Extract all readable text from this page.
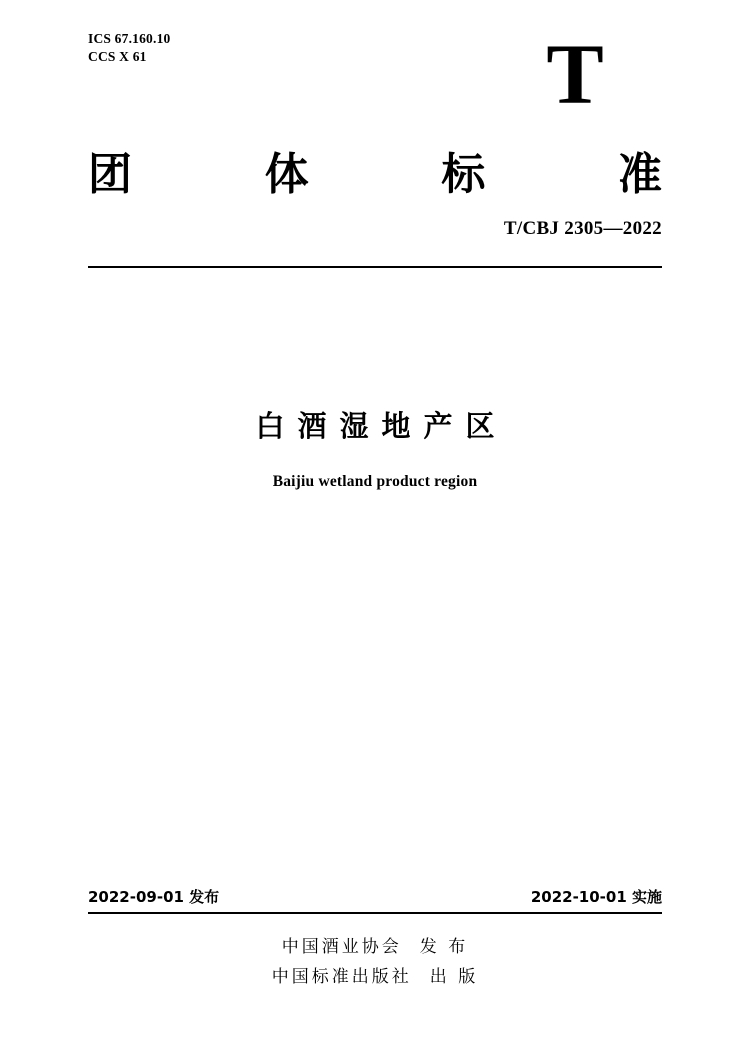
ICS 67.160.10
CCS X 61	T
团	体	标	准
T/CBJ 2305—2022
白酒湿地产区
Baijiu wetland product region
2022-09-01 发布	2022-10-01 实施
中国酒业协会 发 布
中国标准出版社 出 版
